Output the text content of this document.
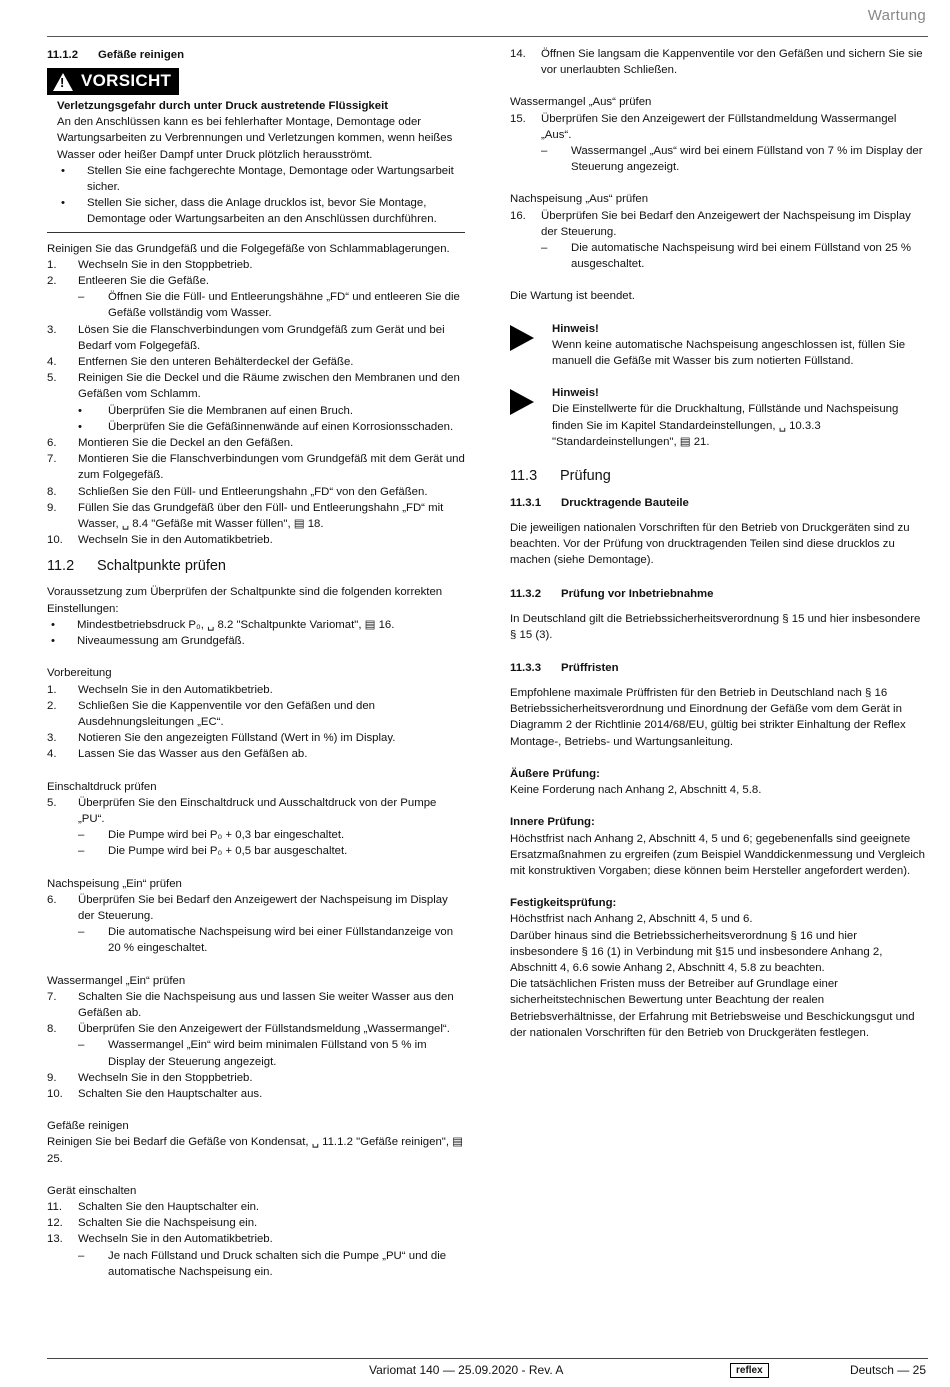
Wartung
11.1.2	Gefäße reinigen
! VORSICHT

Verletzungsgefahr durch unter Druck austretende Flüssigkeit

An den Anschlüssen kann es bei fehlerhafter Montage, Demontage oder Wartungsarbeiten zu Verbrennungen und Verletzungen kommen, wenn heißes Wasser oder heißer Dampf unter Druck plötzlich herausströmt.

•	Stellen Sie eine fachgerechte Montage, Demontage oder Wartungsarbeit sicher.
•	Stellen Sie sicher, dass die Anlage drucklos ist, bevor Sie Montage, Demontage oder Wartungsarbeiten an den Anschlüssen durchführen.

Reinigen Sie das Grundgefäß und die Folgegefäße von Schlammablagerungen.

1.	Wechseln Sie in den Stoppbetrieb.
2.	Entleeren Sie die Gefäße.
–	Öffnen Sie die Füll- und Entleerungshähne „FD“ und entleeren Sie die Gefäße vollständig vom Wasser.
3.	Lösen Sie die Flanschverbindungen vom Grundgefäß zum Gerät und bei Bedarf vom Folgegefäß.
4.	Entfernen Sie den unteren Behälterdeckel der Gefäße.
5.	Reinigen Sie die Deckel und die Räume zwischen den Membranen und den Gefäßen vom Schlamm.
•	Überprüfen Sie die Membranen auf einen Bruch.
•	Überprüfen Sie die Gefäßinnenwände auf einen Korrosionsschaden.
6.	Montieren Sie die Deckel an den Gefäßen.
7.	Montieren Sie die Flanschverbindungen vom Grundgefäß mit dem Gerät und zum Folgegefäß.
8.	Schließen Sie den Füll- und Entleerungshahn „FD“ von den Gefäßen.
9.	Füllen Sie das Grundgefäß über den Füll- und Entleerungshahn „FD“ mit Wasser, ␣ 8.4 "Gefäße mit Wasser füllen", ▤ 18.
10.	Wechseln Sie in den Automatikbetrieb.
11.2	Schaltpunkte prüfen

Voraussetzung zum Überprüfen der Schaltpunkte sind die folgenden korrekten Einstellungen:

•	Mindestbetriebsdruck P₀, ␣ 8.2 "Schaltpunkte Variomat", ▤ 16.
•	Niveaumessung am Grundgefäß.

Vorbereitung

1.	Wechseln Sie in den Automatikbetrieb.
2.	Schließen Sie die Kappenventile vor den Gefäßen und den Ausdehnungsleitungen „EC“.
3.	Notieren Sie den angezeigten Füllstand (Wert in %) im Display.
4.	Lassen Sie das Wasser aus den Gefäßen ab.

Einschaltdruck prüfen

5.	Überprüfen Sie den Einschaltdruck und Ausschaltdruck von der Pumpe „PU“.
–	Die Pumpe wird bei P₀ + 0,3 bar eingeschaltet.
–	Die Pumpe wird bei P₀ + 0,5 bar ausgeschaltet.

Nachspeisung „Ein“ prüfen

6.	Überprüfen Sie bei Bedarf den Anzeigewert der Nachspeisung im Display der Steuerung.
–	Die automatische Nachspeisung wird bei einer Füllstandanzeige von 20 % eingeschaltet.

Wassermangel „Ein“ prüfen

7.	Schalten Sie die Nachspeisung aus und lassen Sie weiter Wasser aus den Gefäßen ab.
8.	Überprüfen Sie den Anzeigewert der Füllstandsmeldung „Wassermangel“.
–	Wassermangel „Ein“ wird beim minimalen Füllstand von 5 % im Display der Steuerung angezeigt.
9.	Wechseln Sie in den Stoppbetrieb.
10.	Schalten Sie den Hauptschalter aus.

Gefäße reinigen

Reinigen Sie bei Bedarf die Gefäße von Kondensat, ␣ 11.1.2 "Gefäße reinigen", ▤ 25.

Gerät einschalten

11.	Schalten Sie den Hauptschalter ein.
12.	Schalten Sie die Nachspeisung ein.
13.	Wechseln Sie in den Automatikbetrieb.
–	Je nach Füllstand und Druck schalten sich die Pumpe „PU“ und die automatische Nachspeisung ein.
14.	Öffnen Sie langsam die Kappenventile vor den Gefäßen und sichern Sie sie vor unerlaubten Schließen.

Wassermangel „Aus“ prüfen

15.	Überprüfen Sie den Anzeigewert der Füllstandmeldung Wassermangel „Aus“.
–	Wassermangel „Aus“ wird bei einem Füllstand von 7 % im Display der Steuerung angezeigt.

Nachspeisung „Aus“ prüfen

16.	Überprüfen Sie bei Bedarf den Anzeigewert der Nachspeisung im Display der Steuerung.
–	Die automatische Nachspeisung wird bei einem Füllstand von 25 % ausgeschaltet.

Die Wartung ist beendet.

Hinweis!

Wenn keine automatische Nachspeisung angeschlossen ist, füllen Sie manuell die Gefäße mit Wasser bis zum notierten Füllstand.

Hinweis!

Die Einstellwerte für die Druckhaltung, Füllstände und Nachspeisung finden Sie im Kapitel Standardeinstellungen, ␣ 10.3.3 "Standardeinstellungen", ▤ 21.

11.3	Prüfung
11.3.1	Drucktragende Bauteile

Die jeweiligen nationalen Vorschriften für den Betrieb von Druckgeräten sind zu beachten. Vor der Prüfung von drucktragenden Teilen sind diese drucklos zu machen (siehe Demontage).

11.3.2	Prüfung vor Inbetriebnahme

In Deutschland gilt die Betriebssicherheitsverordnung § 15 und hier insbesondere § 15 (3).

11.3.3	Prüffristen

Empfohlene maximale Prüffristen für den Betrieb in Deutschland nach § 16 Betriebssicherheitsverordnung und Einordnung der Gefäße vom dem Gerät in Diagramm 2 der Richtlinie 2014/68/EU, gültig bei strikter Einhaltung der Reflex Montage-, Betriebs- und Wartungsanleitung.

Äußere Prüfung:

Keine Forderung nach Anhang 2, Abschnitt 4, 5.8.

Innere Prüfung:

Höchstfrist nach Anhang 2, Abschnitt 4, 5 und 6; gegebenenfalls sind geeignete Ersatzmaßnahmen zu ergreifen (zum Beispiel Wanddickenmessung und Vergleich mit konstruktiven Vorgaben; diese können beim Hersteller angefordert werden).

Festigkeitsprüfung:

Höchstfrist nach Anhang 2, Abschnitt 4, 5 und 6.

Darüber hinaus sind die Betriebssicherheitsverordnung § 16 und hier insbesondere § 16 (1) in Verbindung mit §15 und insbesondere Anhang 2, Abschnitt 4, 6.6 sowie Anhang 2, Abschnitt 4, 5.8 zu beachten.

Die tatsächlichen Fristen muss der Betreiber auf Grundlage einer sicherheitstechnischen Bewertung unter Beachtung der realen Betriebsverhältnisse, der Erfahrung mit Betriebsweise und Beschickungsgut und der nationalen Vorschriften für den Betrieb von Druckgeräten festlegen.

Variomat 140 — 25.09.2020 - Rev. A	reflex	Deutsch — 25
